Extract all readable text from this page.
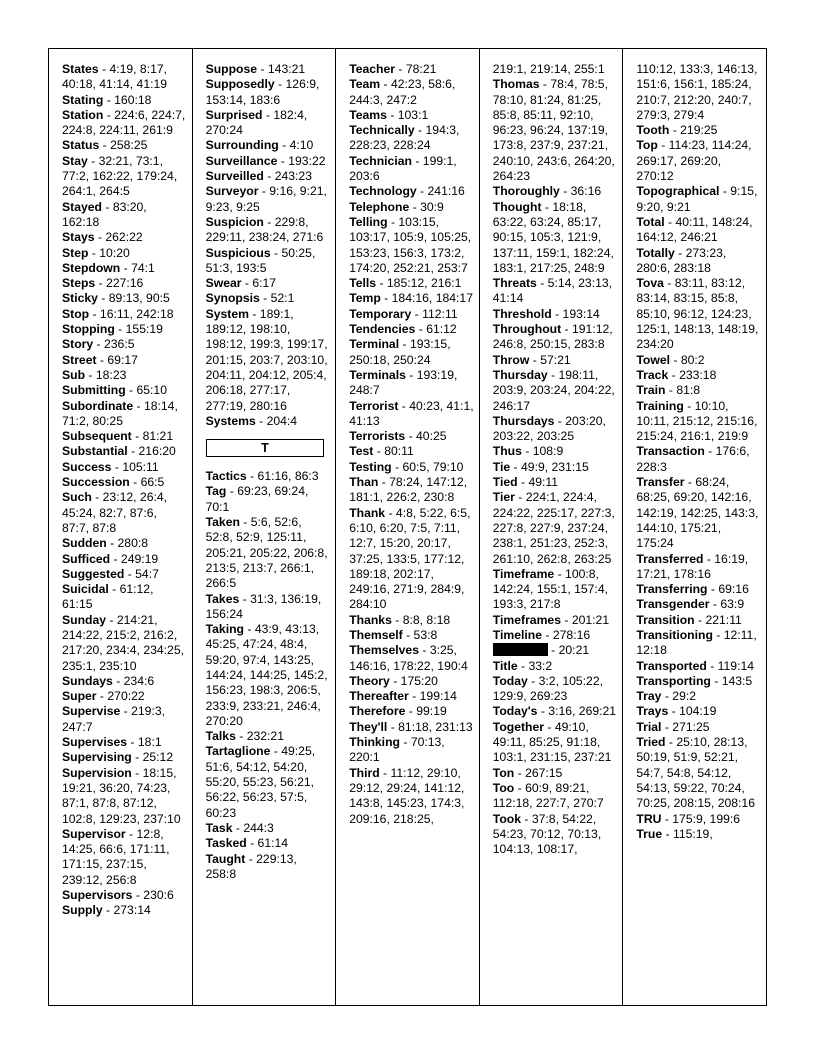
States - 4:19, 8:17, 40:18, 41:14, 41:19
Stating - 160:18
Station - 224:6, 224:7, 224:8, 224:11, 261:9
Status - 258:25
Stay - 32:21, 73:1, 77:2, 162:22, 179:24, 264:1, 264:5
Stayed - 83:20, 162:18
Stays - 262:22
Step - 10:20
Stepdown - 74:1
Steps - 227:16
Sticky - 89:13, 90:5
Stop - 16:11, 242:18
Stopping - 155:19
Story - 236:5
Street - 69:17
Sub - 18:23
Submitting - 65:10
Subordinate - 18:14, 71:2, 80:25
Subsequent - 81:21
Substantial - 216:20
Success - 105:11
Succession - 66:5
Such - 23:12, 26:4, 45:24, 82:7, 87:6, 87:7, 87:8
Sudden - 280:8
Sufficed - 249:19
Suggested - 54:7
Suicidal - 61:12, 61:15
Sunday - 214:21, 214:22, 215:2, 216:2, 217:20, 234:4, 234:25, 235:1, 235:10
Sundays - 234:6
Super - 270:22
Supervise - 219:3, 247:7
Supervises - 18:1
Supervising - 25:12
Supervision - 18:15, 19:21, 36:20, 74:23, 87:1, 87:8, 87:12, 102:8, 129:23, 237:10
Supervisor - 12:8, 14:25, 66:6, 171:11, 171:15, 237:15, 239:12, 256:8
Supervisors - 230:6
Supply - 273:14
Suppose - 143:21
Supposedly - 126:9, 153:14, 183:6
Surprised - 182:4, 270:24
Surrounding - 4:10
Surveillance - 193:22
Surveilled - 243:23
Surveyor - 9:16, 9:21, 9:23, 9:25
Suspicion - 229:8, 229:11, 238:24, 271:6
Suspicious - 50:25, 51:3, 193:5
Swear - 6:17
Synopsis - 52:1
System - 189:1, 189:12, 198:10, 198:12, 199:3, 199:17, 201:15, 203:7, 203:10, 204:11, 204:12, 205:4, 206:18, 277:17, 277:19, 280:16
Systems - 204:4
T
Tactics - 61:16, 86:3
Tag - 69:23, 69:24, 70:1
Taken - 5:6, 52:6, 52:8, 52:9, 125:11, 205:21, 205:22, 206:8, 213:5, 213:7, 266:1, 266:5
Takes - 31:3, 136:19, 156:24
Taking - 43:9, 43:13, 45:25, 47:24, 48:4, 59:20, 97:4, 143:25, 144:24, 144:25, 145:2, 156:23, 198:3, 206:5, 233:9, 233:21, 246:4, 270:20
Talks - 232:21
Tartaglione - 49:25, 51:6, 54:12, 54:20, 55:20, 55:23, 56:21, 56:22, 56:23, 57:5, 60:23
Task - 244:3
Tasked - 61:14
Taught - 229:13, 258:8
Teacher - 78:21
Team - 42:23, 58:6, 244:3, 247:2
Teams - 103:1
Technically - 194:3, 228:23, 228:24
Technician - 199:1, 203:6
Technology - 241:16
Telephone - 30:9
Telling - 103:15, 103:17, 105:9, 105:25, 153:23, 156:3, 173:2, 174:20, 252:21, 253:7
Tells - 185:12, 216:1
Temp - 184:16, 184:17
Temporary - 112:11
Tendencies - 61:12
Terminal - 193:15, 250:18, 250:24
Terminals - 193:19, 248:7
Terrorist - 40:23, 41:1, 41:13
Terrorists - 40:25
Test - 80:11
Testing - 60:5, 79:10
Than - 78:24, 147:12, 181:1, 226:2, 230:8
Thank - 4:8, 5:22, 6:5, 6:10, 6:20, 7:5, 7:11, 12:7, 15:20, 20:17, 37:25, 133:5, 177:12, 189:18, 202:17, 249:16, 271:9, 284:9, 284:10
Thanks - 8:8, 8:18
Themself - 53:8
Themselves - 3:25, 146:16, 178:22, 190:4
Theory - 175:20
Thereafter - 199:14
Therefore - 99:19
They'll - 81:18, 231:13
Thinking - 70:13, 220:1
Third - 11:12, 29:10, 29:12, 29:24, 141:12, 143:8, 145:23, 174:3, 209:16, 218:25,
219:1, 219:14, 255:1
Thomas - 78:4, 78:5, 78:10, 81:24, 81:25, 85:8, 85:11, 92:10, 96:23, 96:24, 137:19, 173:8, 237:9, 237:21, 240:10, 243:6, 264:20, 264:23
Thoroughly - 36:16
Thought - 18:18, 63:22, 63:24, 85:17, 90:15, 105:3, 121:9, 137:11, 159:1, 182:24, 183:1, 217:25, 248:9
Threats - 5:14, 23:13, 41:14
Threshold - 193:14
Throughout - 191:12, 246:8, 250:15, 283:8
Throw - 57:21
Thursday - 198:11, 203:9, 203:24, 204:22, 246:17
Thursdays - 203:20, 203:22, 203:25
Thus - 108:9
Tie - 49:9, 231:15
Tied - 49:11
Tier - 224:1, 224:4, 224:22, 225:17, 227:3, 227:8, 227:9, 237:24, 238:1, 251:23, 252:3, 261:10, 262:8, 263:25
Timeframe - 100:8, 142:24, 155:1, 157:4, 193:3, 217:8
Timeframes - 201:21
Timeline - 278:16
- 20:21
Title - 33:2
Today - 3:2, 105:22, 129:9, 269:23
Today's - 3:16, 269:21
Together - 49:10, 49:11, 85:25, 91:18, 103:1, 231:15, 237:21
Ton - 267:15
Too - 60:9, 89:21, 112:18, 227:7, 270:7
Took - 37:8, 54:22, 54:23, 70:12, 70:13, 104:13, 108:17,
110:12, 133:3, 146:13, 151:6, 156:1, 185:24, 210:7, 212:20, 240:7, 279:3, 279:4
Tooth - 219:25
Top - 114:23, 114:24, 269:17, 269:20, 270:12
Topographical - 9:15, 9:20, 9:21
Total - 40:11, 148:24, 164:12, 246:21
Totally - 273:23, 280:6, 283:18
Tova - 83:11, 83:12, 83:14, 83:15, 85:8, 85:10, 96:12, 124:23, 125:1, 148:13, 148:19, 234:20
Towel - 80:2
Track - 233:18
Train - 81:8
Training - 10:10, 10:11, 215:12, 215:16, 215:24, 216:1, 219:9
Transaction - 176:6, 228:3
Transfer - 68:24, 68:25, 69:20, 142:16, 142:19, 142:25, 143:3, 144:10, 175:21, 175:24
Transferred - 16:19, 17:21, 178:16
Transferring - 69:16
Transgender - 63:9
Transition - 221:11
Transitioning - 12:11, 12:18
Transported - 119:14
Transporting - 143:5
Tray - 29:2
Trays - 104:19
Trial - 271:25
Tried - 25:10, 28:13, 50:19, 51:9, 52:21, 54:7, 54:8, 54:12, 54:13, 59:22, 70:24, 70:25, 208:15, 208:16
TRU - 175:9, 199:6
True - 115:19,
